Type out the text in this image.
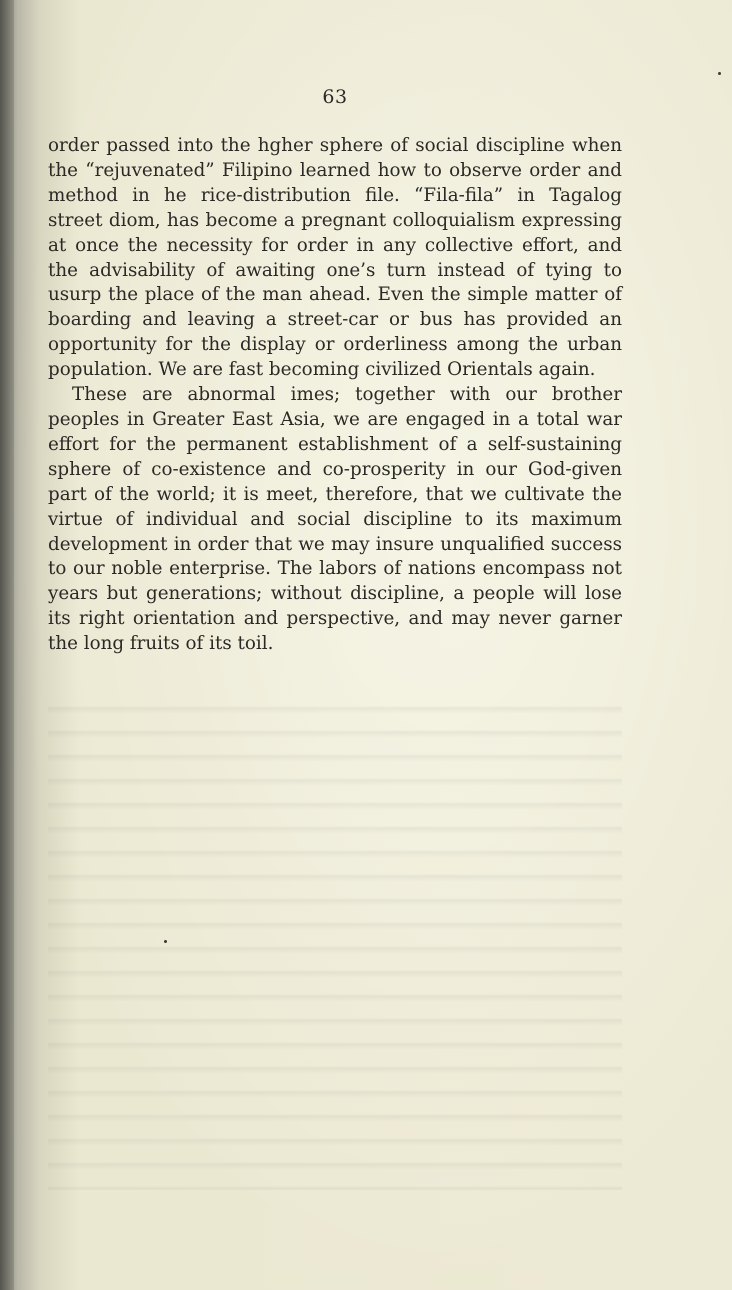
63

order passed into the hgher sphere of social discipline when the “rejuvenated” Filipino learned how to observe order and method in he rice-distribution file. “Fila-fila” in Tagalog street diom, has become a pregnant colloquialism expressing at once the necessity for order in any collective effort, and the advisability of awaiting one’s turn instead of tying to usurp the place of the man ahead. Even the simple matter of boarding and leaving a street-car or bus has provided an opportunity for the display or orderliness among the urban population. We are fast becoming civilized Orientals again.

These are abnormal imes; together with our brother peoples in Greater East Asia, we are engaged in a total war effort for the permanent establishment of a self-sustaining sphere of co-existence and co-prosperity in our God-given part of the world; it is meet, therefore, that we cultivate the virtue of individual and social discipline to its maximum development in order that we may insure unqualified success to our noble enterprise. The labors of nations encompass not years but generations; without discipline, a people will lose its right orientation and perspective, and may never garner the long fruits of its toil.
